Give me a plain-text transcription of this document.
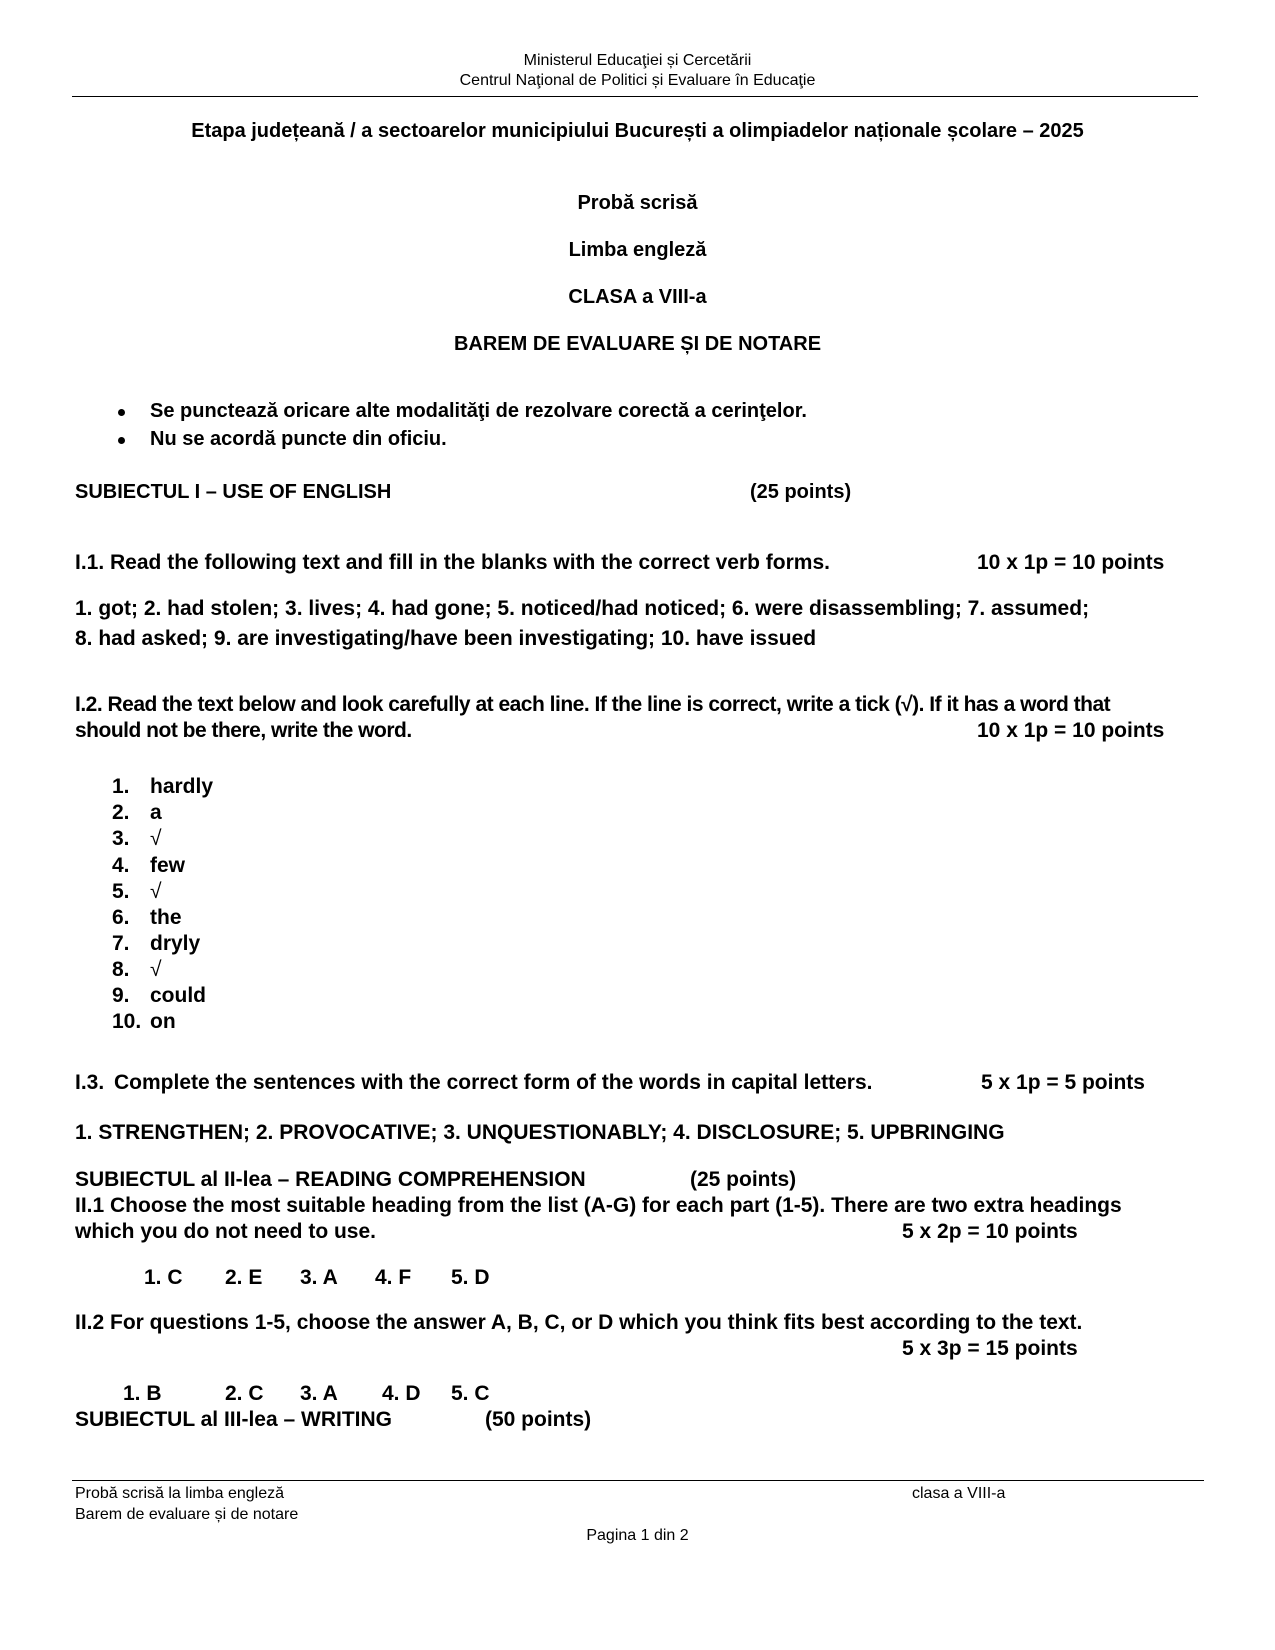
Ministerul Educaţiei și Cercetării
Centrul Naţional de Politici și Evaluare în Educaţie
Etapa județeană / a sectoarelor municipiului București a olimpiadelor naționale școlare – 2025
Probă scrisă
Limba engleză
CLASA a VIII-a
BAREM DE EVALUARE ȘI DE NOTARE
Se punctează oricare alte modalităţi de rezolvare corectă a cerinţelor.
Nu se acordă puncte din oficiu.
SUBIECTUL I – USE OF ENGLISH	(25 points)
I.1. Read the following text and fill in the blanks with the correct verb forms.	10 x 1p = 10 points
1. got; 2. had stolen; 3. lives; 4. had gone; 5. noticed/had noticed; 6. were disassembling; 7. assumed;
8. had asked; 9. are investigating/have been investigating; 10. have issued
I.2. Read the text below and look carefully at each line. If the line is correct, write a tick (√). If it has a word that
should not be there, write the word.	10 x 1p = 10 points
1. hardly
2. a
3. √
4. few
5. √
6. the
7. dryly
8. √
9. could
10. on
I.3. Complete the sentences with the correct form of the words in capital letters.	5 x 1p = 5 points
1. STRENGTHEN; 2. PROVOCATIVE; 3. UNQUESTIONABLY; 4. DISCLOSURE; 5. UPBRINGING
SUBIECTUL al II-lea – READING COMPREHENSION	(25 points)
II.1 Choose the most suitable heading from the list (A-G) for each part (1-5). There are two extra headings
which you do not need to use.	5 x 2p = 10 points
1. C 2. E 3. A 4. F 5. D
II.2 For questions 1-5, choose the answer A, B, C, or D which you think fits best according to the text.
5 x 3p = 15 points
1. B	2. C 3. A 4. D 5. C
SUBIECTUL al III-lea – WRITING	(50 points)
Probă scrisă la limba engleză	clasa a VIII-a
Barem de evaluare și de notare
Pagina 1 din 2
